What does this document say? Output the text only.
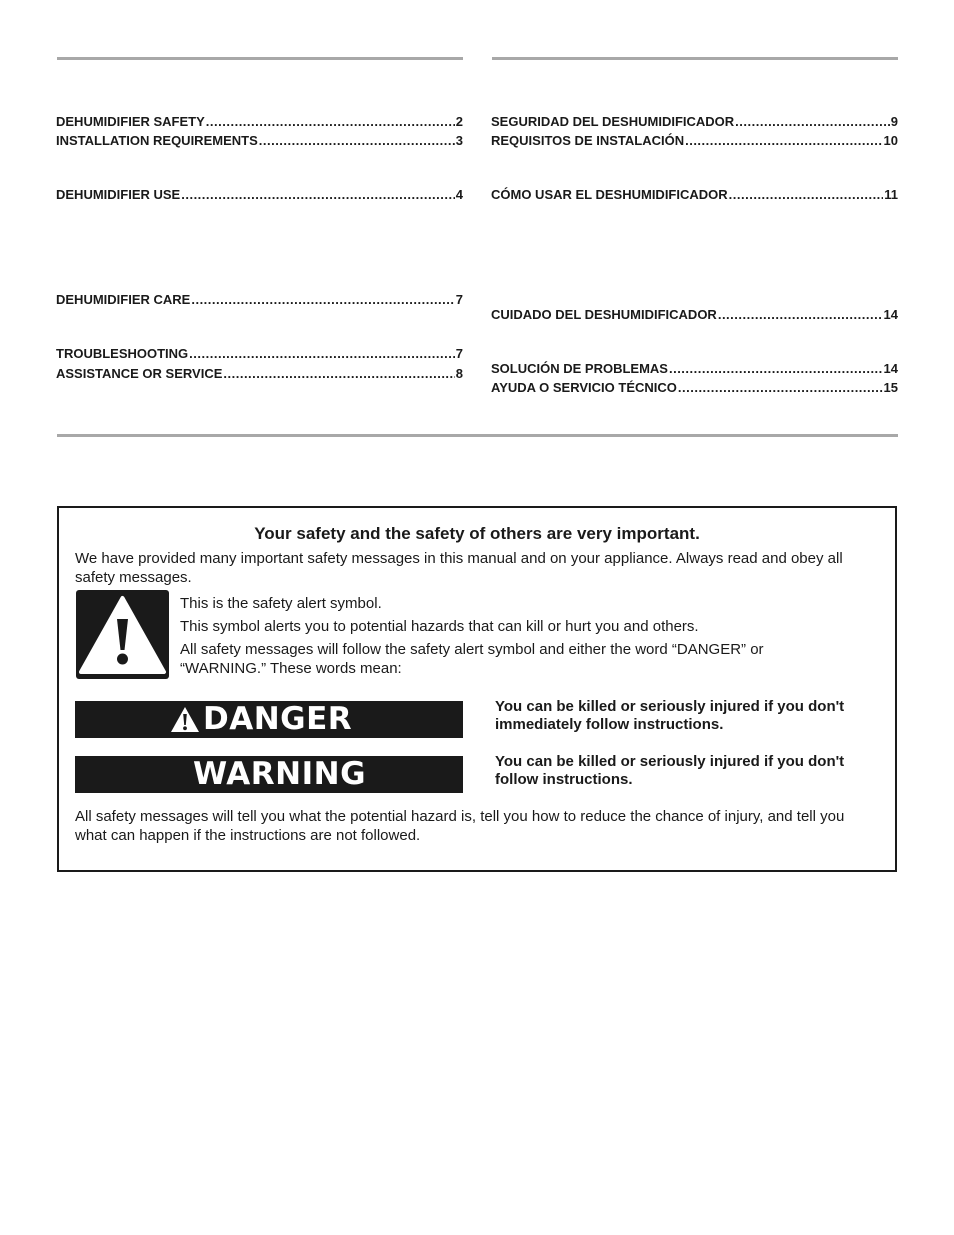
DEHUMIDIFIER SAFETY .....	2
INSTALLATION REQUIREMENTS .....	3
DEHUMIDIFIER USE .....	4
DEHUMIDIFIER CARE .....	7
TROUBLESHOOTING .....	7
ASSISTANCE OR SERVICE .....	8
SEGURIDAD DEL DESHUMIDIFICADOR .....	9
REQUISITOS DE INSTALACIÓN .....	10
CÓMO USAR EL DESHUMIDIFICADOR .....	11
CUIDADO DEL DESHUMIDIFICADOR .....	14
SOLUCIÓN DE PROBLEMAS .....	14
AYUDA O SERVICIO TÉCNICO .....	15
Your safety and the safety of others are very important.
We have provided many important safety messages in this manual and on your appliance. Always read and obey all safety messages.

This is the safety alert symbol.

This symbol alerts you to potential hazards that can kill or hurt you and others.

All safety messages will follow the safety alert symbol and either the word “DANGER” or “WARNING.” These words mean:

DANGER	You can be killed or seriously injured if you don't immediately follow instructions.
WARNING	You can be killed or seriously injured if you don't follow instructions.
All safety messages will tell you what the potential hazard is, tell you how to reduce the chance of injury, and tell you what can happen if the instructions are not followed.
